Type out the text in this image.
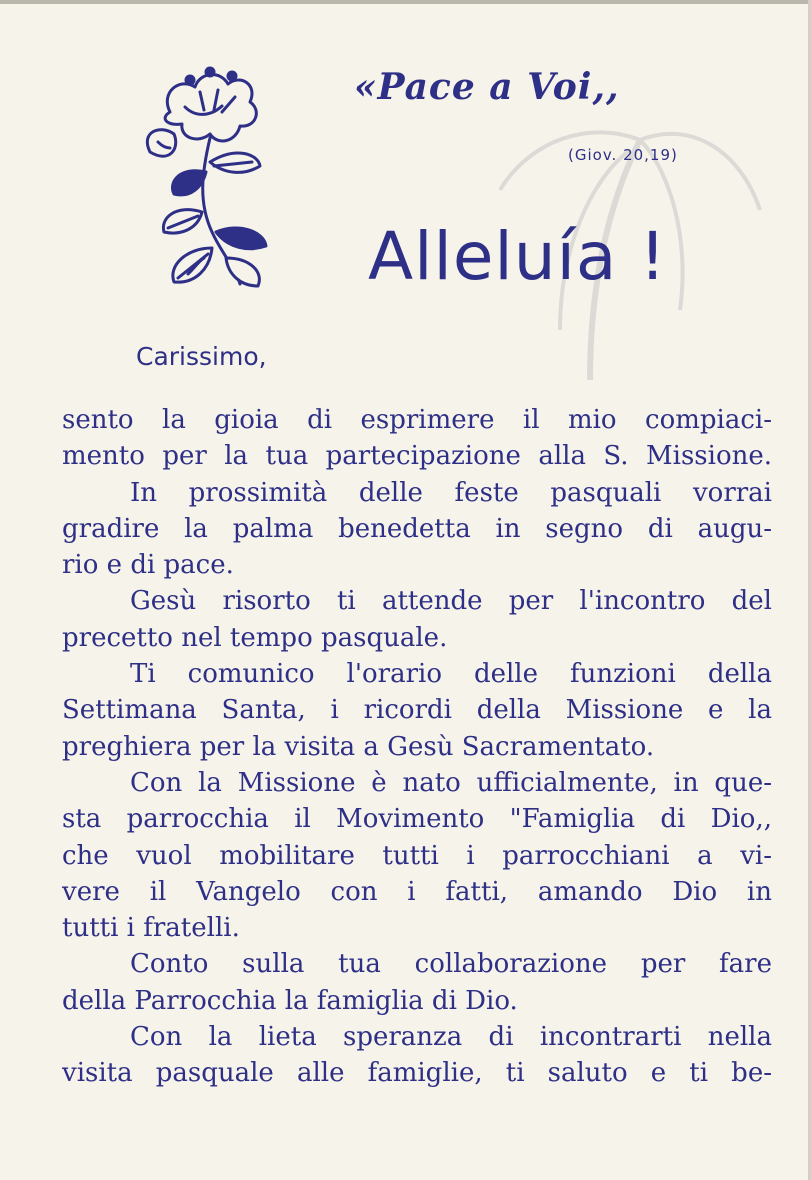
«Pace a Voi,,
(Giov. 20,19)
Alleluía !
Carissimo,
sento la gioia di esprimere il mio compiaci-
mento per la tua partecipazione alla S. Missione.
In prossimità delle feste pasquali vorrai
gradire la palma benedetta in segno di augu-
rio e di pace.
Gesù risorto ti attende per l'incontro del
precetto nel tempo pasquale.
Ti comunico l'orario delle funzioni della
Settimana Santa, i ricordi della Missione e la
preghiera per la visita a Gesù Sacramentato.
Con la Missione è nato ufficialmente, in que-
sta parrocchia il Movimento "Famiglia di Dio,,
che vuol mobilitare tutti i parrocchiani a vi-
vere il Vangelo con i fatti, amando Dio in
tutti i fratelli.
Conto sulla tua collaborazione per fare
della Parrocchia la famiglia di Dio.
Con la lieta speranza di incontrarti nella
visita pasquale alle famiglie, ti saluto e ti be-
